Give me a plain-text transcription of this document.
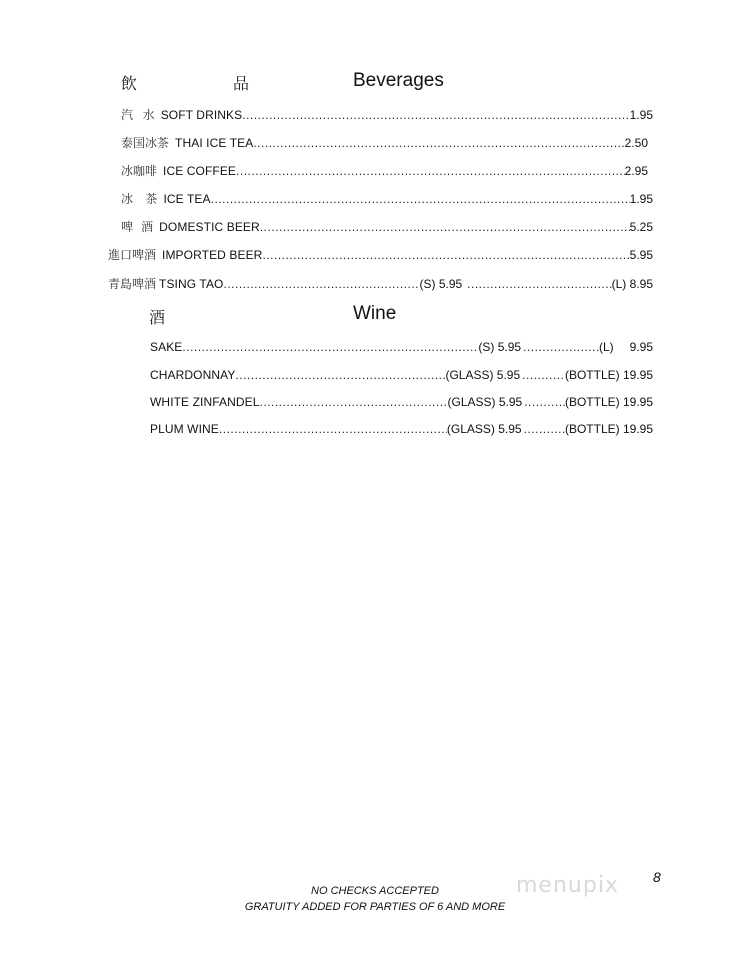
飲　品	Beverages
汽水 SOFT DRINKS .....	1.95
泰国冰茶 THAI ICE TEA .....	2.50
冰咖啡 ICE COFFEE .....	2.95
冰茶 ICE TEA .....	1.95
啤酒 DOMESTIC BEER .....	5.25
進口啤酒 IMPORTED BEER .....	5.95
青島啤酒 TSING TAO .....	(S) 5.95 .....	(L) 8.95
酒	Wine
SAKE .....	(S) 5.95 .....	(L) 9.95
CHARDONNAY .....	(GLASS) 5.95 .....	(BOTTLE) 19.95
WHITE ZINFANDEL .....	(GLASS) 5.95 .....	(BOTTLE) 19.95
PLUM WINE .....	(GLASS) 5.95 .....	(BOTTLE) 19.95
NO CHECKS ACCEPTED
GRATUITY ADDED FOR PARTIES OF 6 AND MORE
8
menupix
